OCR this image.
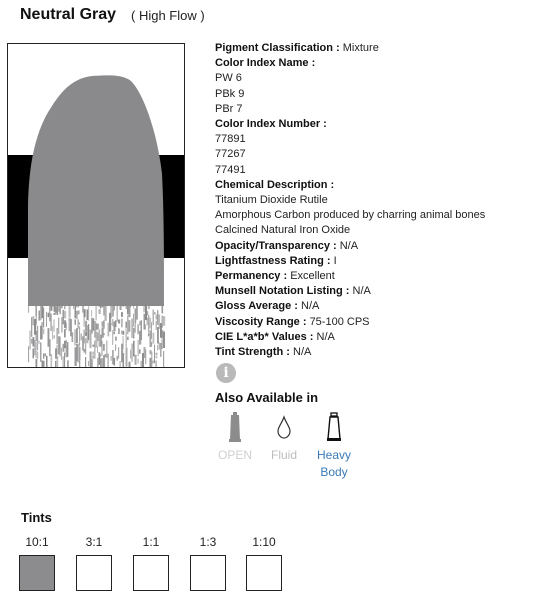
Neutral Gray ( High Flow )
Pigment Classification : Mixture
Color Index Name :
PW 6
PBk 9
PBr 7
Color Index Number :
77891
77267
77491
Chemical Description :
Titanium Dioxide Rutile
Amorphous Carbon produced by charring animal bones
Calcined Natural Iron Oxide
Opacity/Transparency : N/A
Lightfastness Rating : I
Permanency : Excellent
Munsell Notation Listing : N/A
Gloss Average : N/A
Viscosity Range : 75-100 CPS
CIE L*a*b* Values : N/A
Tint Strength : N/A
i
Also Available in
OPEN	Fluid	Heavy
Body
Tints
10:1	3:1	1:1	1:3	1:10
